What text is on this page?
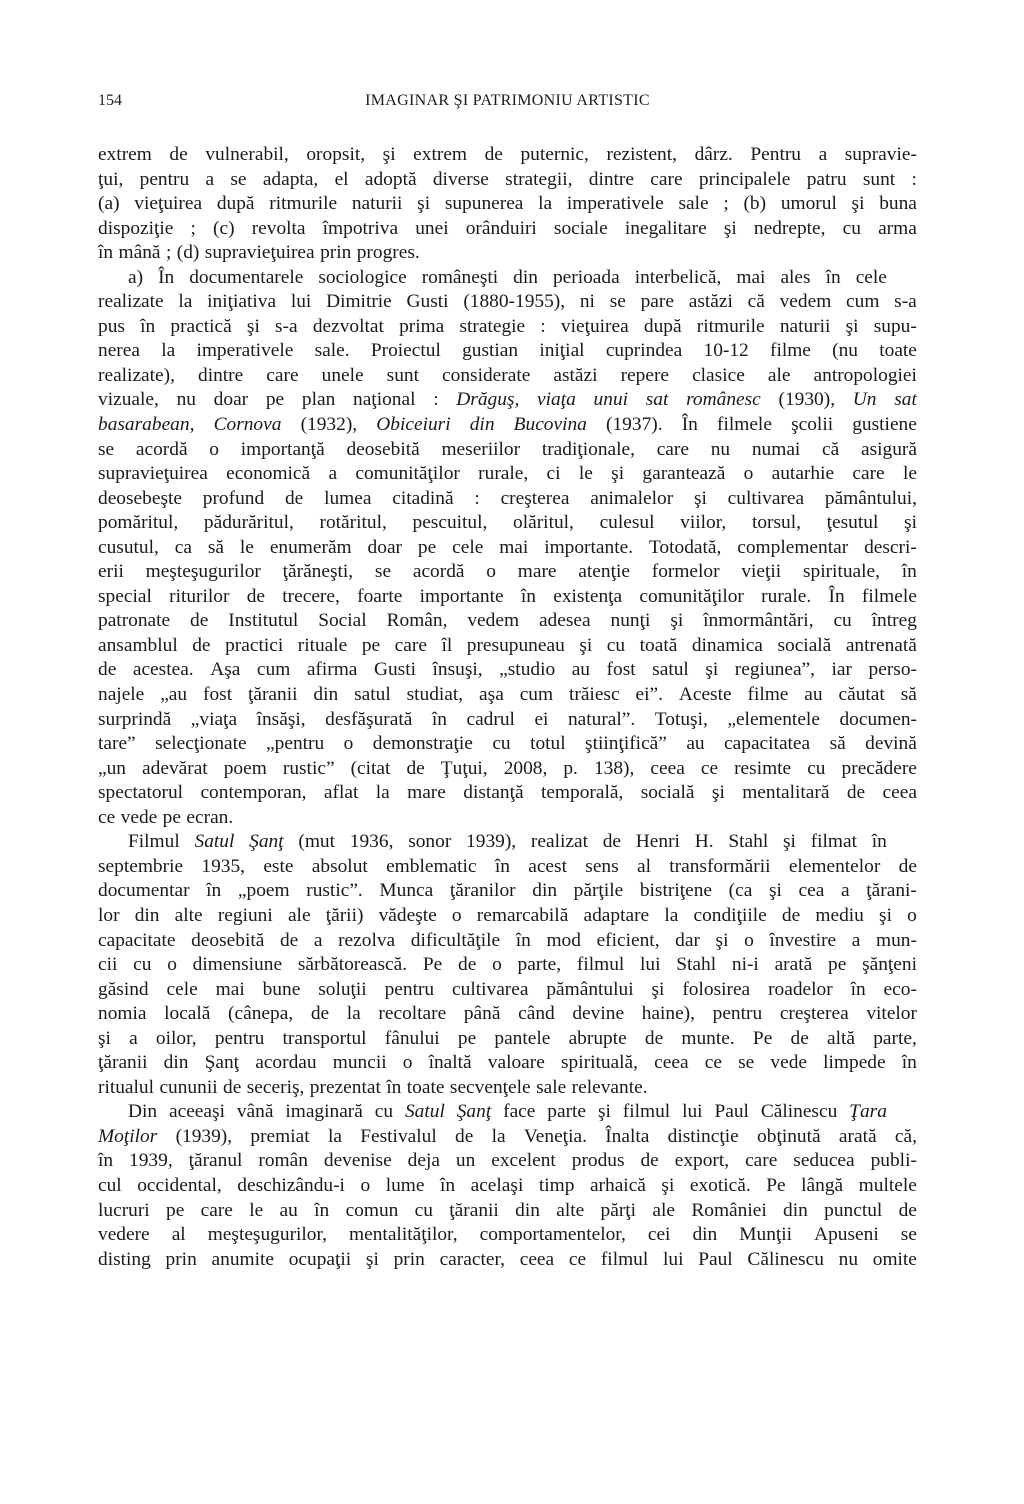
154	IMAGINAR ŞI PATRIMONIU ARTISTIC
extrem de vulnerabil, oropsit, şi extrem de puternic, rezistent, dârz. Pentru a supravie-
ţui, pentru a se adapta, el adoptă diverse strategii, dintre care principalele patru sunt :
(a) vieţuirea după ritmurile naturii şi supunerea la imperativele sale ; (b) umorul şi buna
dispoziţie ; (c) revolta împotriva unei orânduiri sociale inegalitare şi nedrepte, cu arma
în mână ; (d) supravieţuirea prin progres.
a) În documentarele sociologice româneşti din perioada interbelică, mai ales în cele
realizate la iniţiativa lui Dimitrie Gusti (1880-1955), ni se pare astăzi că vedem cum s-a
pus în practică şi s-a dezvoltat prima strategie : vieţuirea după ritmurile naturii şi supu-
nerea la imperativele sale. Proiectul gustian iniţial cuprindea 10-12 filme (nu toate
realizate), dintre care unele sunt considerate astăzi repere clasice ale antropologiei
vizuale, nu doar pe plan naţional : Drăguş, viaţa unui sat românesc (1930), Un sat
basarabean, Cornova (1932), Obiceiuri din Bucovina (1937). În filmele şcolii gustiene
se acordă o importanţă deosebită meseriilor tradiţionale, care nu numai că asigură
supravieţuirea economică a comunităţilor rurale, ci le şi garantează o autarhie care le
deosebeşte profund de lumea citadină : creşterea animalelor şi cultivarea pământului,
pomăritul, pădurăritul, rotăritul, pescuitul, olăritul, culesul viilor, torsul, ţesutul şi
cusutul, ca să le enumerăm doar pe cele mai importante. Totodată, complementar descri-
erii meşteşugurilor ţărăneşti, se acordă o mare atenţie formelor vieţii spirituale, în
special riturilor de trecere, foarte importante în existenţa comunităţilor rurale. În filmele
patronate de Institutul Social Român, vedem adesea nunţi şi înmormântări, cu întreg
ansamblul de practici rituale pe care îl presupuneau şi cu toată dinamica socială antrenată
de acestea. Aşa cum afirma Gusti însuşi, „studio au fost satul şi regiunea”, iar perso-
najele „au fost ţăranii din satul studiat, aşa cum trăiesc ei”. Aceste filme au căutat să
surprindă „viaţa însăşi, desfăşurată în cadrul ei natural”. Totuşi, „elementele documen-
tare” selecţionate „pentru o demonstraţie cu totul ştiinţifică” au capacitatea să devină
„un adevărat poem rustic” (citat de Ţuţui, 2008, p. 138), ceea ce resimte cu precădere
spectatorul contemporan, aflat la mare distanţă temporală, socială şi mentalitară de ceea
ce vede pe ecran.
Filmul Satul Şanţ (mut 1936, sonor 1939), realizat de Henri H. Stahl şi filmat în
septembrie 1935, este absolut emblematic în acest sens al transformării elementelor de
documentar în „poem rustic”. Munca ţăranilor din părţile bistriţene (ca şi cea a ţărani-
lor din alte regiuni ale ţării) vădeşte o remarcabilă adaptare la condiţiile de mediu şi o
capacitate deosebită de a rezolva dificultăţile în mod eficient, dar şi o învestire a mun-
cii cu o dimensiune sărbătorească. Pe de o parte, filmul lui Stahl ni-i arată pe şănţeni
găsind cele mai bune soluţii pentru cultivarea pământului şi folosirea roadelor în eco-
nomia locală (cânepa, de la recoltare până când devine haine), pentru creşterea vitelor
şi a oilor, pentru transportul fânului pe pantele abrupte de munte. Pe de altă parte,
ţăranii din Şanţ acordau muncii o înaltă valoare spirituală, ceea ce se vede limpede în
ritualul cununii de seceriş, prezentat în toate secvenţele sale relevante.
Din aceeaşi vână imaginară cu Satul Şanţ face parte şi filmul lui Paul Călinescu Ţara
Moţilor (1939), premiat la Festivalul de la Veneţia. Înalta distincţie obţinută arată că,
în 1939, ţăranul român devenise deja un excelent produs de export, care seducea publi-
cul occidental, deschizându-i o lume în acelaşi timp arhaică şi exotică. Pe lângă multele
lucruri pe care le au în comun cu ţăranii din alte părţi ale României din punctul de
vedere al meşteşugurilor, mentalităţilor, comportamentelor, cei din Munţii Apuseni se
disting prin anumite ocupaţii şi prin caracter, ceea ce filmul lui Paul Călinescu nu omite
